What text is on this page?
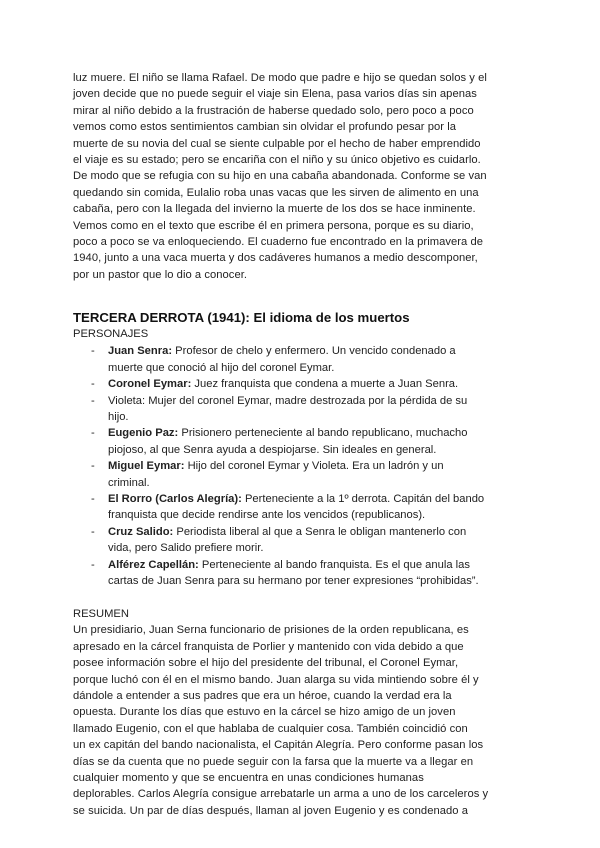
luz muere. El niño se llama Rafael. De modo que padre e hijo se quedan solos y el
joven decide que no puede seguir el viaje sin Elena, pasa varios días sin apenas
mirar al niño debido a la frustración de haberse quedado solo, pero poco a poco
vemos como estos sentimientos cambian sin olvidar el profundo pesar por la
muerte de su novia del cual se siente culpable por el hecho de haber emprendido
el viaje es su estado; pero se encariña con el niño y su único objetivo es cuidarlo.
De modo que se refugia con su hijo en una cabaña abandonada. Conforme se van
quedando sin comida, Eulalio roba unas vacas que les sirven de alimento en una
cabaña, pero con la llegada del invierno la muerte de los dos se hace inminente.
Vemos como en el texto que escribe él en primera persona, porque es su diario,
poco a poco se va enloqueciendo. El cuaderno fue encontrado en la primavera de
1940, junto a una vaca muerta y dos cadáveres humanos a medio descomponer,
por un pastor que lo dio a conocer.

TERCERA DERROTA (1941): El idioma de los muertos

PERSONAJES

- Juan Senra: Profesor de chelo y enfermero. Un vencido condenado a
muerte que conoció al hijo del coronel Eymar.
- Coronel Eymar: Juez franquista que condena a muerte a Juan Senra.
- Violeta: Mujer del coronel Eymar, madre destrozada por la pérdida de su
hijo.
- Eugenio Paz: Prisionero perteneciente al bando republicano, muchacho
piojoso, al que Senra ayuda a despiojarse. Sin ideales en general.
- Miguel Eymar: Hijo del coronel Eymar y Violeta. Era un ladrón y un
criminal.
- El Rorro (Carlos Alegría): Perteneciente a la 1º derrota. Capitán del bando
franquista que decide rendirse ante los vencidos (republicanos).
- Cruz Salido: Periodista liberal al que a Senra le obligan mantenerlo con
vida, pero Salido prefiere morir.
- Alférez Capellán: Perteneciente al bando franquista. Es el que anula las
cartas de Juan Senra para su hermano por tener expresiones “prohibidas”.

RESUMEN

Un presidiario, Juan Serna funcionario de prisiones de la orden republicana, es
apresado en la cárcel franquista de Porlier y mantenido con vida debido a que
posee información sobre el hijo del presidente del tribunal, el Coronel Eymar,
porque luchó con él en el mismo bando. Juan alarga su vida mintiendo sobre él y
dándole a entender a sus padres que era un héroe, cuando la verdad era la
opuesta. Durante los días que estuvo en la cárcel se hizo amigo de un joven
llamado Eugenio, con el que hablaba de cualquier cosa. También coincidió con
un ex capitán del bando nacionalista, el Capitán Alegría. Pero conforme pasan los
días se da cuenta que no puede seguir con la farsa que la muerte va a llegar en
cualquier momento y que se encuentra en unas condiciones humanas
deplorables. Carlos Alegría consigue arrebatarle un arma a uno de los carceleros y
se suicida. Un par de días después, llaman al joven Eugenio y es condenado a
